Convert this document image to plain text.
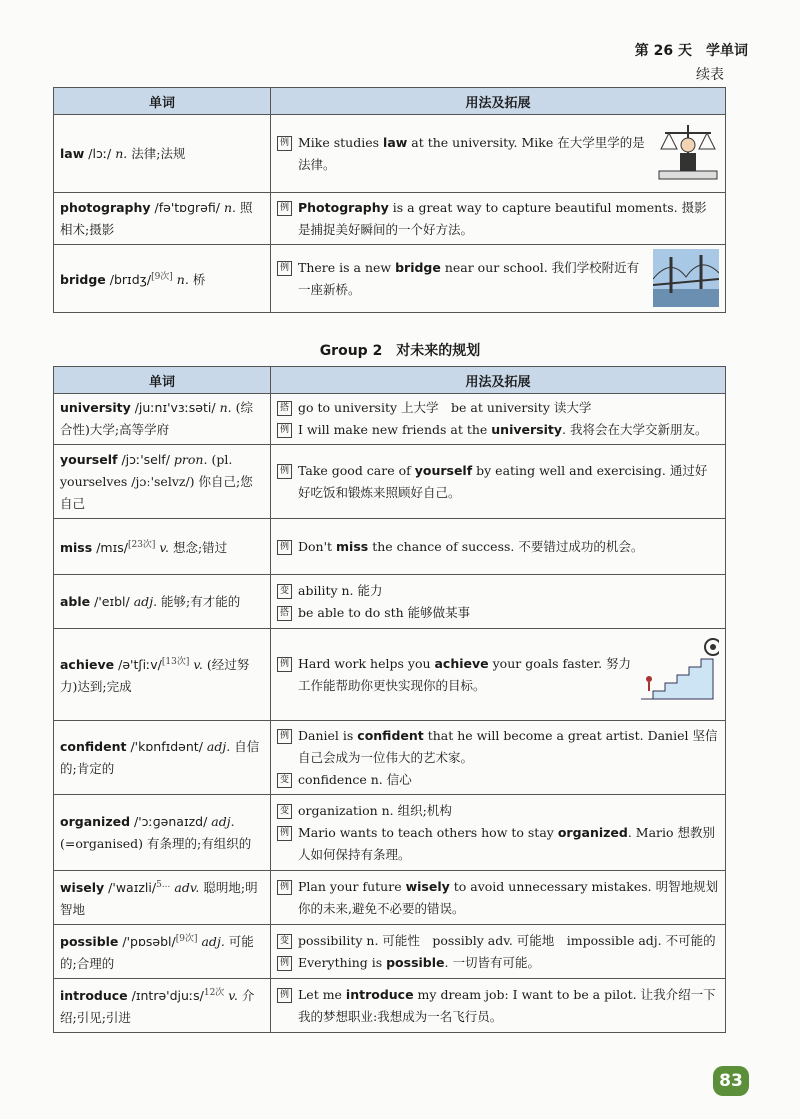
第 26 天　学单词
续表
单词	用法及拓展
law /lɔː/ n. 法律;法规	例 Mike studies law at the university. Mike 在大学里学的是法律。

photography /fə'tɒɡrəfi/ n. 照相术;摄影	例 Photography is a great way to capture beautiful moments. 摄影是捕捉美好瞬间的一个好方法。

bridge /brɪdʒ/[9次] n. 桥	例 There is a new bridge near our school. 我们学校附近有一座新桥。
Group 2　对未来的规划
单词	用法及拓展
university /juːnɪ'vɜːsəti/ n. (综合性)大学;高等学府	搭 go to university 上大学　be at university 读大学
例 I will make new friends at the university. 我将会在大学交新朋友。

yourself /jɔː'self/ pron. (pl. yourselves /jɔː'selvz/) 你自己;您自己	例 Take good care of yourself by eating well and exercising. 通过好好吃饭和锻炼来照顾好自己。

miss /mɪs/[23次] v. 想念;错过	例 Don't miss the chance of success. 不要错过成功的机会。

able /'eɪbl/ adj. 能够;有才能的	变 ability n. 能力
搭 be able to do sth 能够做某事

achieve /ə'tʃiːv/[13次] v. (经过努力)达到;完成	例 Hard work helps you achieve your goals faster. 努力工作能帮助你更快实现你的目标。

confident /'kɒnfɪdənt/ adj. 自信的;肯定的	例 Daniel is confident that he will become a great artist. Daniel 坚信自己会成为一位伟大的艺术家。
变 confidence n. 信心

organized /'ɔːɡənaɪzd/ adj. (=organised) 有条理的;有组织的	变 organization n. 组织;机构
例 Mario wants to teach others how to stay organized. Mario 想教别人如何保持有条理。

wisely /'waɪzli/$^{5...}$ adv. 聪明地;明智地	例 Plan your future wisely to avoid unnecessary mistakes. 明智地规划你的未来,避免不必要的错误。

possible /'pɒsəbl/[9次] adj. 可能的;合理的	变 possibility n. 可能性　possibly adv. 可能地　impossible adj. 不可能的
例 Everything is possible. 一切皆有可能。

introduce /ɪntrə'djuːs/$^{12次}$ v. 介绍;引见;引进	例 Let me introduce my dream job: I want to be a pilot. 让我介绍一下我的梦想职业:我想成为一名飞行员。
83
